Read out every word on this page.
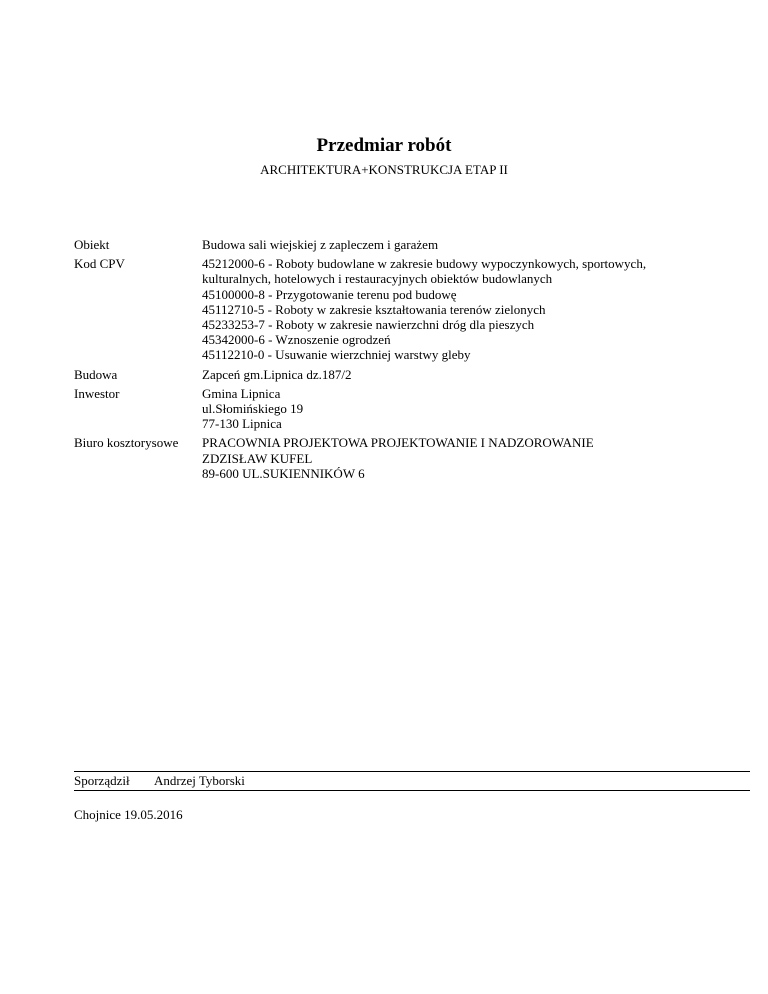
Przedmiar robót
ARCHITEKTURA+KONSTRUKCJA ETAP II
Obiekt	Budowa sali wiejskiej z zapleczem i garażem
Kod CPV	45212000-6 - Roboty budowlane w zakresie budowy wypoczynkowych, sportowych,
kulturalnych, hotelowych i restauracyjnych obiektów budowlanych
45100000-8 - Przygotowanie terenu pod budowę
45112710-5 - Roboty w zakresie kształtowania terenów zielonych
45233253-7 - Roboty w zakresie nawierzchni dróg dla pieszych
45342000-6 - Wznoszenie ogrodzeń
45112210-0 - Usuwanie wierzchniej warstwy gleby
Budowa	Zapceń gm.Lipnica dz.187/2
Inwestor	Gmina Lipnica
ul.Słomińskiego 19
77-130 Lipnica
Biuro kosztorysowe	PRACOWNIA PROJEKTOWA PROJEKTOWANIE I NADZOROWANIE
ZDZISŁAW KUFEL
89-600 UL.SUKIENNIKÓW 6
Sporządził Andrzej Tyborski
Chojnice 19.05.2016
